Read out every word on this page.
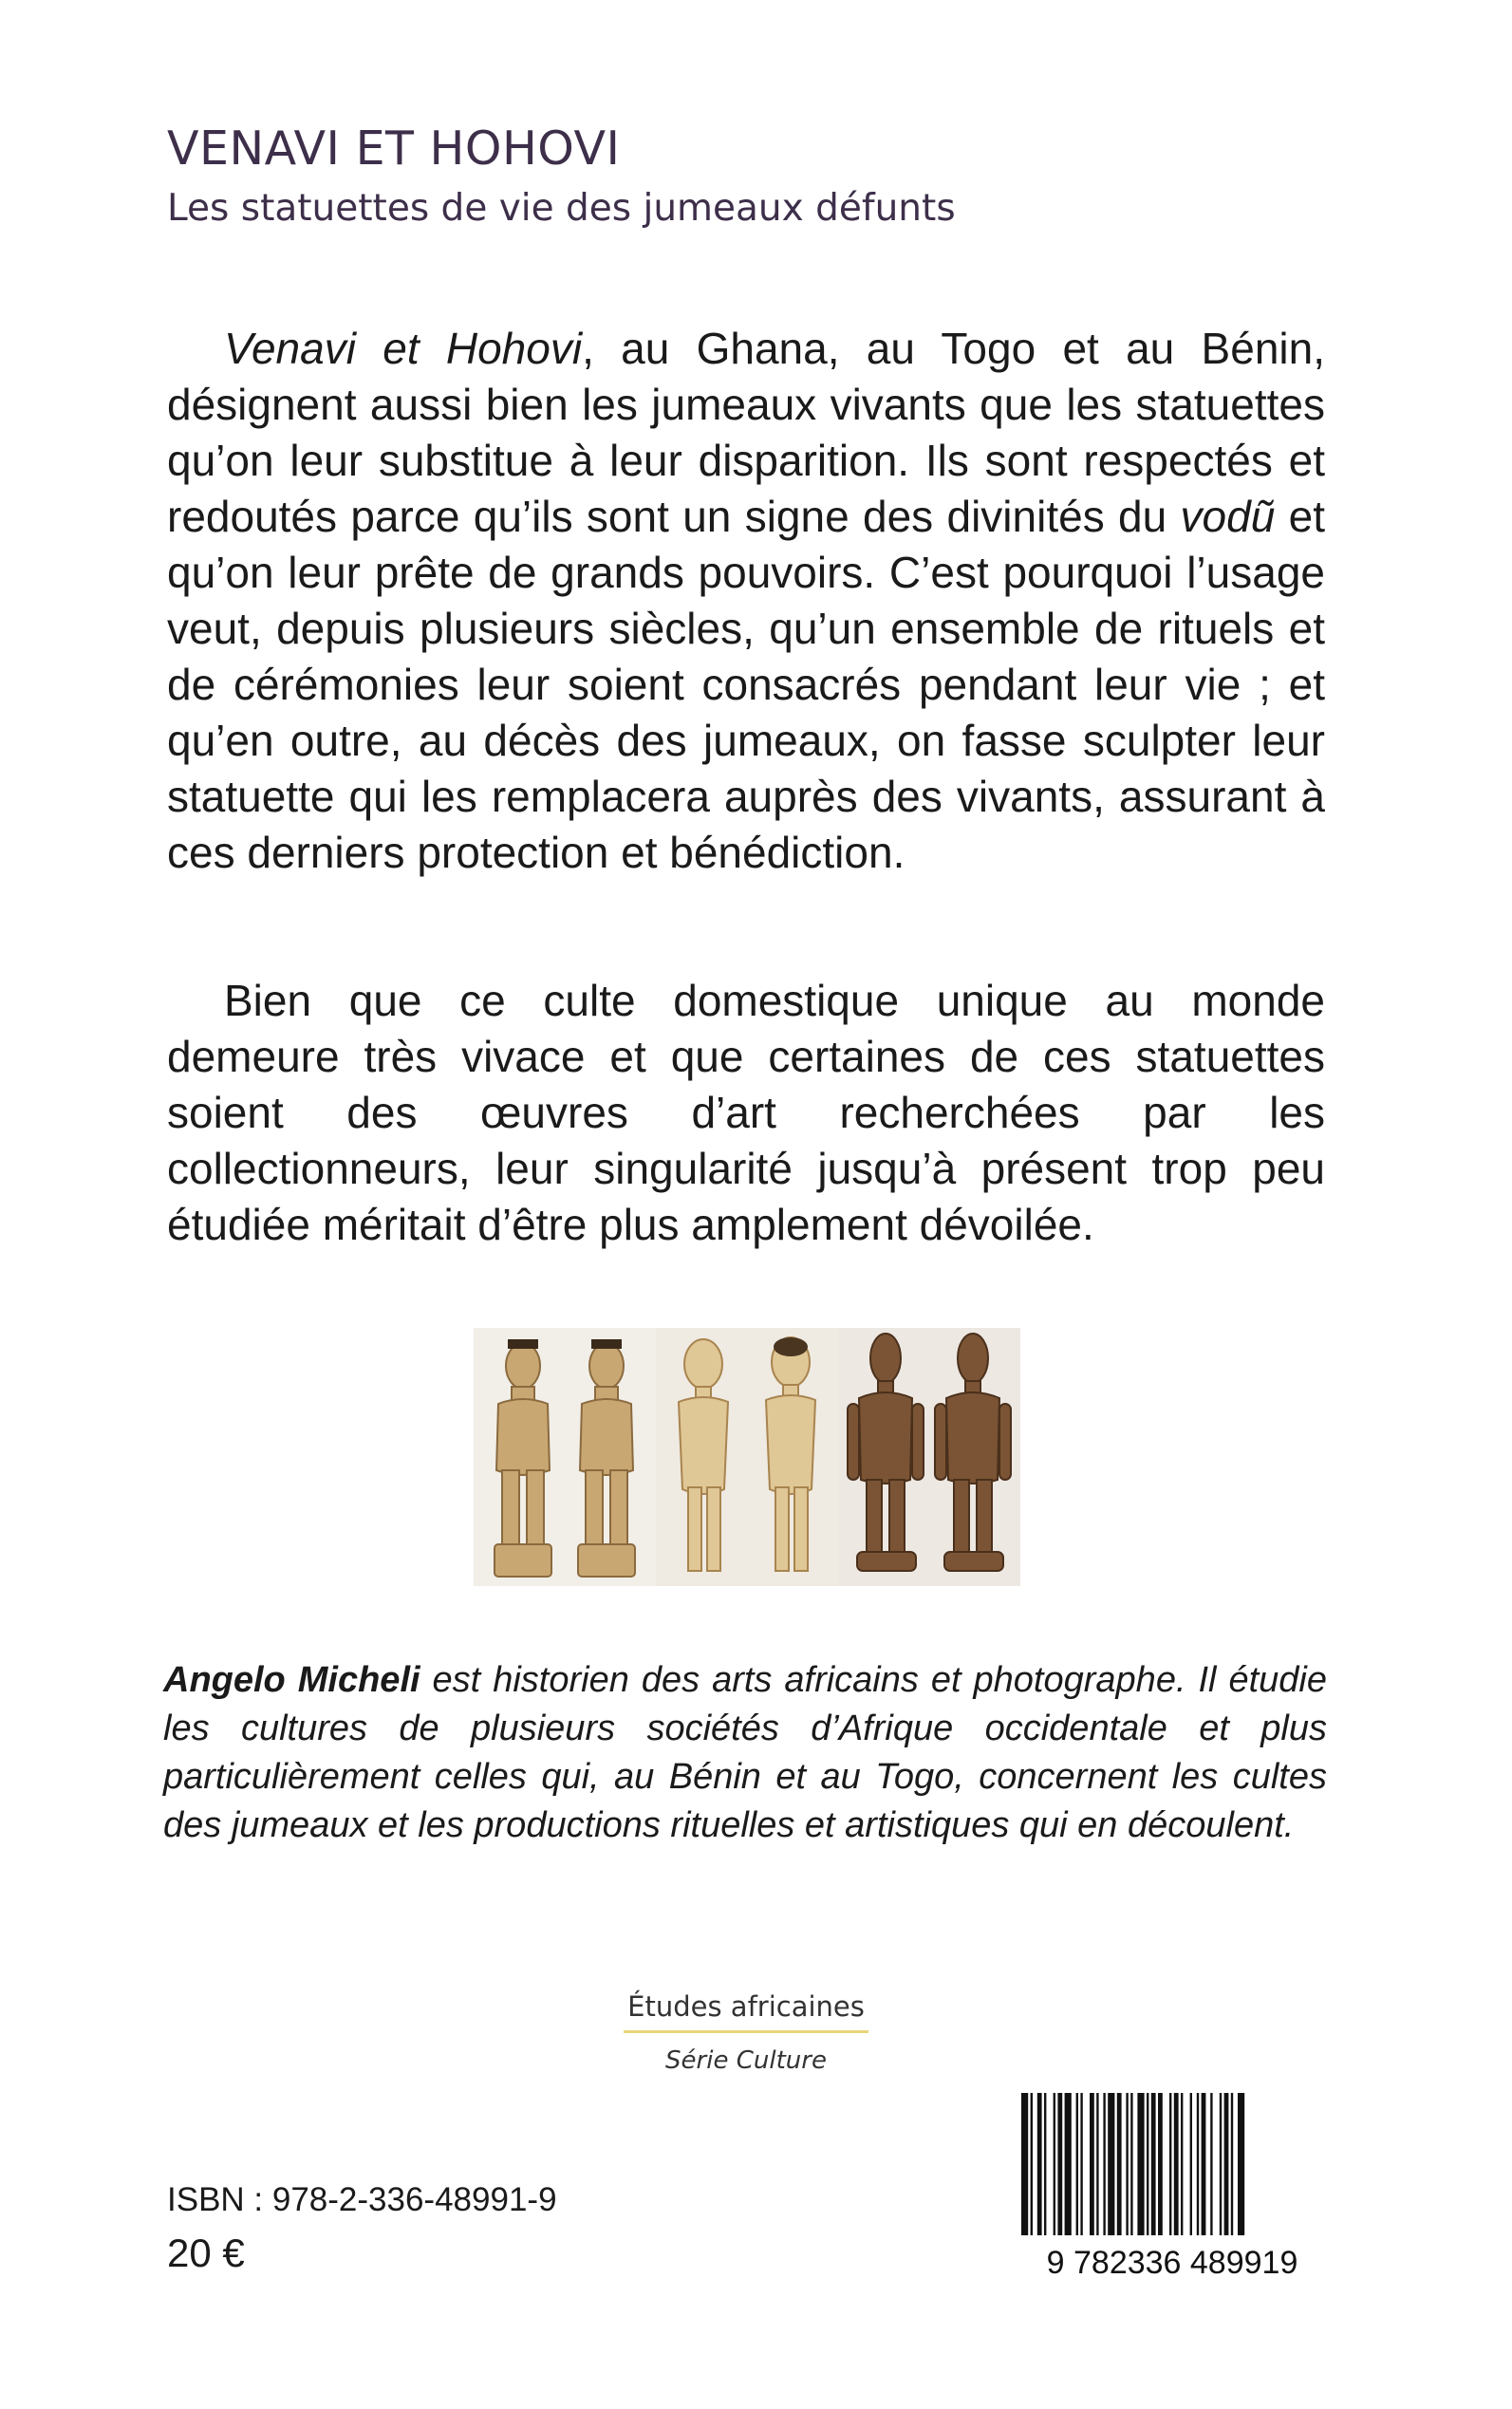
VENAVI ET HOHOVI
Les statuettes de vie des jumeaux défunts

Venavi et Hohovi, au Ghana, au Togo et au Bénin, désignent aussi bien les jumeaux vivants que les statuettes qu’on leur substitue à leur disparition. Ils sont respectés et redoutés parce qu’ils sont un signe des divinités du vodũ et qu’on leur prête de grands pouvoirs. C’est pourquoi l’usage veut, depuis plusieurs siècles, qu’un ensemble de rituels et de cérémonies leur soient consacrés pendant leur vie ; et qu’en outre, au décès des jumeaux, on fasse sculpter leur statuette qui les remplacera auprès des vivants, assurant à ces derniers protection et bénédiction.

Bien que ce culte domestique unique au monde demeure très vivace et que certaines de ces statuettes soient des œuvres d’art recherchées par les collectionneurs, leur singularité jusqu’à présent trop peu étudiée méritait d’être plus amplement dévoilée.

Angelo Micheli est historien des arts africains et photographe. Il étudie les cultures de plusieurs sociétés d’Afrique occidentale et plus particulièrement celles qui, au Bénin et au Togo, concernent les cultes des jumeaux et les productions rituelles et artistiques qui en découlent.

Études africaines
Série Culture
ISBN : 978-2-336-48991-9
20 €	9 782336 489919
